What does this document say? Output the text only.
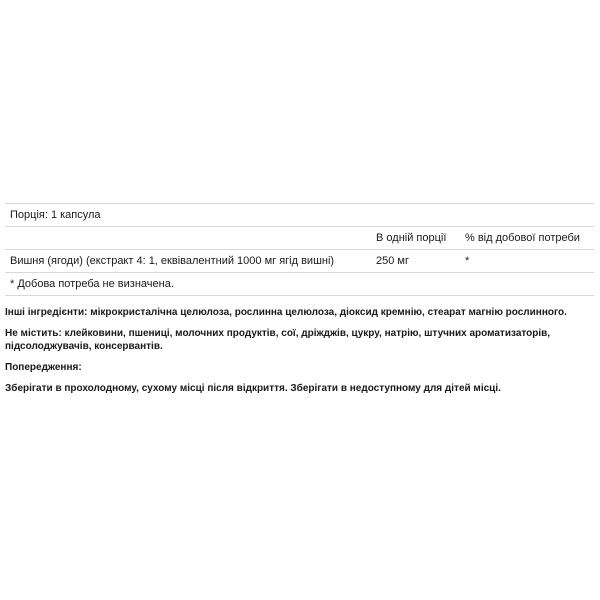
Порція: 1 капсула
В одній порції % від добової потреби
Вишня (ягоди) (екстракт 4: 1, еквівалентний 1000 мг ягід вишні)	250 мг	*
* Добова потреба не визначена.
Інші інгредієнти: мікрокристалічна целюлоза, рослинна целюлоза, діоксид кремнію, стеарат магнію рослинного.
Не містить: клейковини, пшениці, молочних продуктів, сої, дріжджів, цукру, натрію, штучних ароматизаторів, підсолоджувачів, консервантів.
Попередження:
Зберігати в прохолодному, сухому місці після відкриття. Зберігати в недоступному для дітей місці.
